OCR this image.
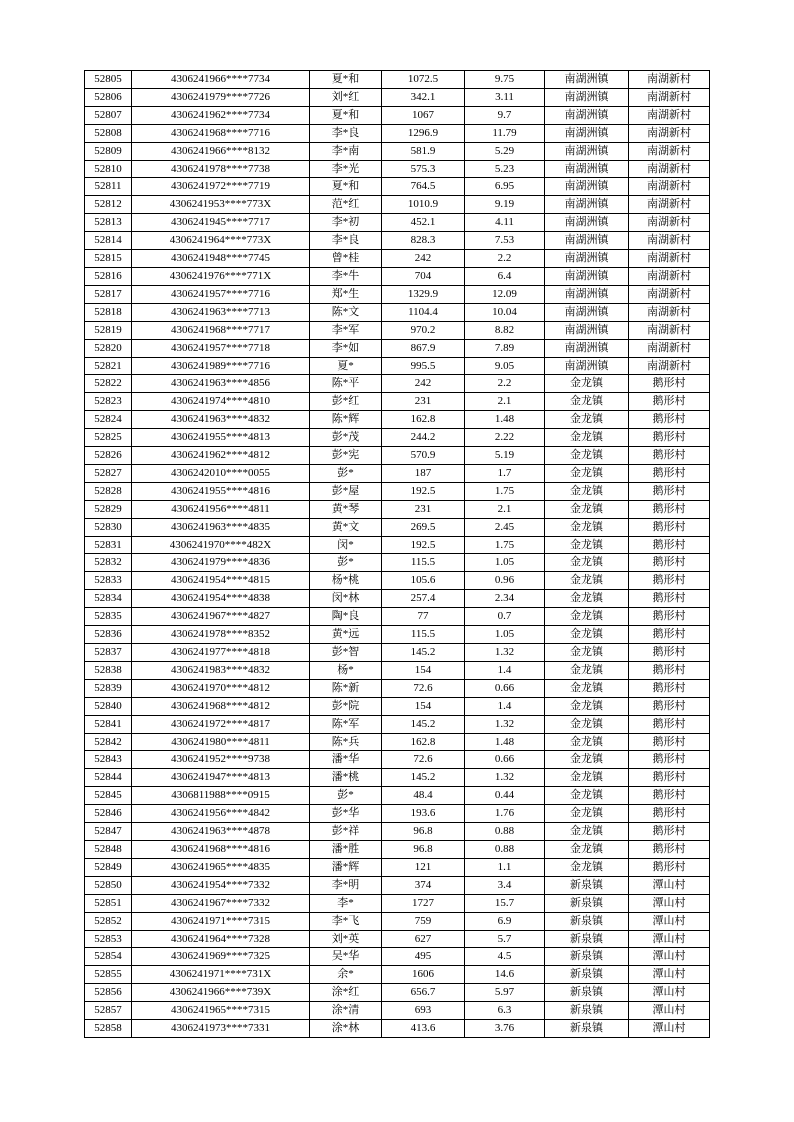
52805	4306241966****7734	夏*和	1072.5	9.75	南湖洲镇	南湖新村
52806	4306241979****7726	刘*红	342.1	3.11	南湖洲镇	南湖新村
52807	4306241962****7734	夏*和	1067	9.7	南湖洲镇	南湖新村
52808	4306241968****7716	李*良	1296.9	11.79	南湖洲镇	南湖新村
52809	4306241966****8132	李*南	581.9	5.29	南湖洲镇	南湖新村
52810	4306241978****7738	李*光	575.3	5.23	南湖洲镇	南湖新村
52811	4306241972****7719	夏*和	764.5	6.95	南湖洲镇	南湖新村
52812	4306241953****773X	范*红	1010.9	9.19	南湖洲镇	南湖新村
52813	4306241945****7717	李*初	452.1	4.11	南湖洲镇	南湖新村
52814	4306241964****773X	李*良	828.3	7.53	南湖洲镇	南湖新村
52815	4306241948****7745	曾*桂	242	2.2	南湖洲镇	南湖新村
52816	4306241976****771X	李*牛	704	6.4	南湖洲镇	南湖新村
52817	4306241957****7716	郑*生	1329.9	12.09	南湖洲镇	南湖新村
52818	4306241963****7713	陈*文	1104.4	10.04	南湖洲镇	南湖新村
52819	4306241968****7717	李*军	970.2	8.82	南湖洲镇	南湖新村
52820	4306241957****7718	李*如	867.9	7.89	南湖洲镇	南湖新村
52821	4306241989****7716	夏*	995.5	9.05	南湖洲镇	南湖新村
52822	4306241963****4856	陈*平	242	2.2	金龙镇	鹅形村
52823	4306241974****4810	彭*红	231	2.1	金龙镇	鹅形村
52824	4306241963****4832	陈*辉	162.8	1.48	金龙镇	鹅形村
52825	4306241955****4813	彭*茂	244.2	2.22	金龙镇	鹅形村
52826	4306241962****4812	彭*宪	570.9	5.19	金龙镇	鹅形村
52827	4306242010****0055	彭*	187	1.7	金龙镇	鹅形村
52828	4306241955****4816	彭*屋	192.5	1.75	金龙镇	鹅形村
52829	4306241956****4811	黄*琴	231	2.1	金龙镇	鹅形村
52830	4306241963****4835	黄*文	269.5	2.45	金龙镇	鹅形村
52831	4306241970****482X	闵*	192.5	1.75	金龙镇	鹅形村
52832	4306241979****4836	彭*	115.5	1.05	金龙镇	鹅形村
52833	4306241954****4815	杨*桃	105.6	0.96	金龙镇	鹅形村
52834	4306241954****4838	闵*林	257.4	2.34	金龙镇	鹅形村
52835	4306241967****4827	陶*良	77	0.7	金龙镇	鹅形村
52836	4306241978****8352	黄*远	115.5	1.05	金龙镇	鹅形村
52837	4306241977****4818	彭*智	145.2	1.32	金龙镇	鹅形村
52838	4306241983****4832	杨*	154	1.4	金龙镇	鹅形村
52839	4306241970****4812	陈*新	72.6	0.66	金龙镇	鹅形村
52840	4306241968****4812	彭*院	154	1.4	金龙镇	鹅形村
52841	4306241972****4817	陈*军	145.2	1.32	金龙镇	鹅形村
52842	4306241980****4811	陈*兵	162.8	1.48	金龙镇	鹅形村
52843	4306241952****9738	潘*华	72.6	0.66	金龙镇	鹅形村
52844	4306241947****4813	潘*桃	145.2	1.32	金龙镇	鹅形村
52845	4306811988****0915	彭*	48.4	0.44	金龙镇	鹅形村
52846	4306241956****4842	彭*华	193.6	1.76	金龙镇	鹅形村
52847	4306241963****4878	彭*祥	96.8	0.88	金龙镇	鹅形村
52848	4306241968****4816	潘*胜	96.8	0.88	金龙镇	鹅形村
52849	4306241965****4835	潘*辉	121	1.1	金龙镇	鹅形村
52850	4306241954****7332	李*明	374	3.4	新泉镇	潭山村
52851	4306241967****7332	李*	1727	15.7	新泉镇	潭山村
52852	4306241971****7315	李*飞	759	6.9	新泉镇	潭山村
52853	4306241964****7328	刘*英	627	5.7	新泉镇	潭山村
52854	4306241969****7325	吴*华	495	4.5	新泉镇	潭山村
52855	4306241971****731X	余*	1606	14.6	新泉镇	潭山村
52856	4306241966****739X	涂*红	656.7	5.97	新泉镇	潭山村
52857	4306241965****7315	涂*清	693	6.3	新泉镇	潭山村
52858	4306241973****7331	涂*林	413.6	3.76	新泉镇	潭山村
